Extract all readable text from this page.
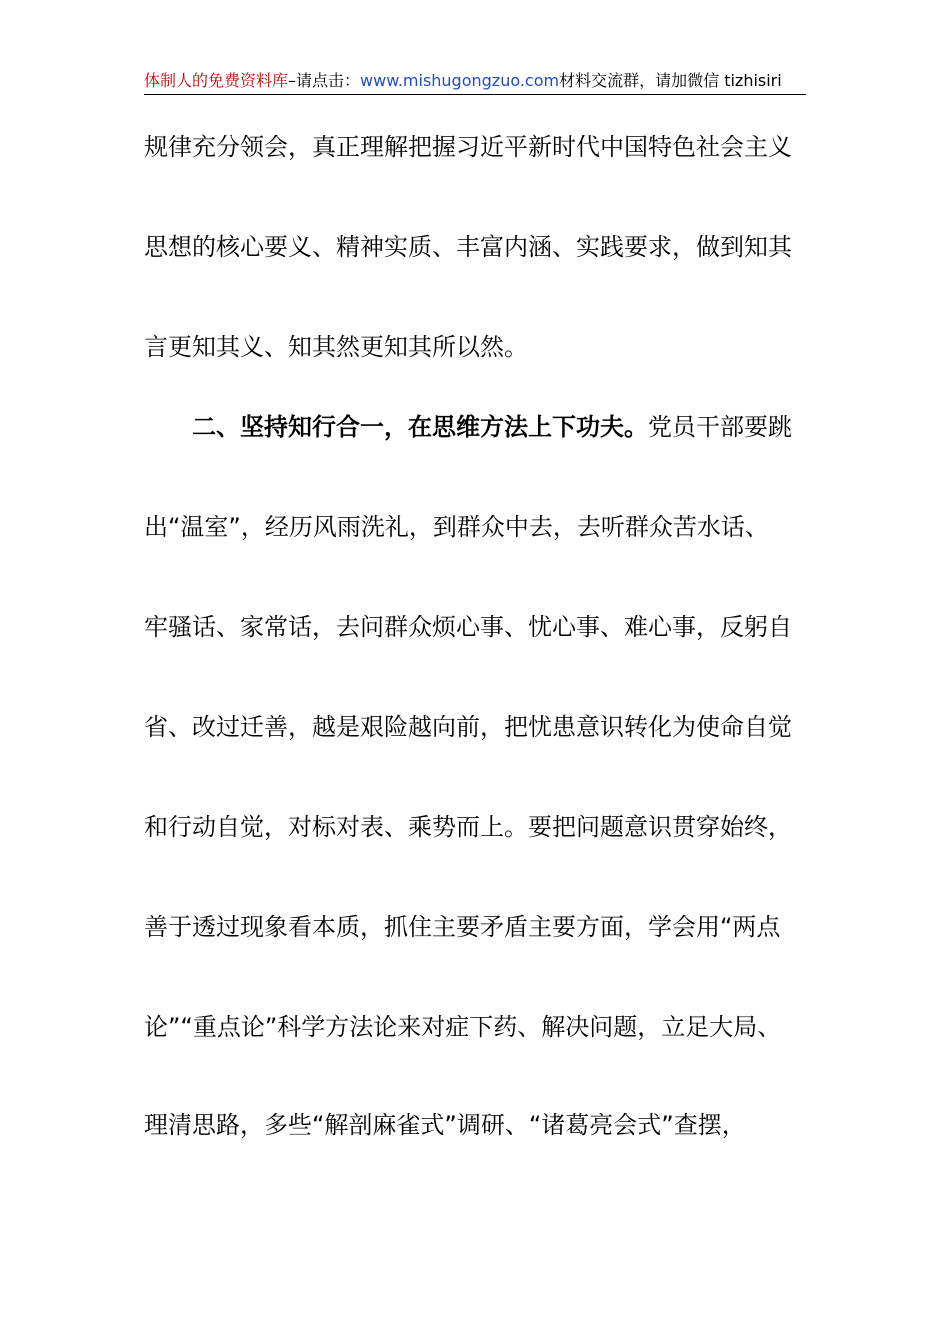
体制人的免费资料库–请点击：www.mishugongzuo.com材料交流群，请加微信 tizhisiri
规律充分领会，真正理解把握习近平新时代中国特色社会主义
思想的核心要义、精神实质、丰富内涵、实践要求，做到知其
言更知其义、知其然更知其所以然。
二、坚持知行合一，在思维方法上下功夫。党员干部要跳
出“温室”，经历风雨洗礼，到群众中去，去听群众苦水话、
牢骚话、家常话，去问群众烦心事、忧心事、难心事，反躬自
省、改过迁善，越是艰险越向前，把忧患意识转化为使命自觉
和行动自觉，对标对表、乘势而上。要把问题意识贯穿始终，
善于透过现象看本质，抓住主要矛盾主要方面，学会用“两点
论”“重点论”科学方法论来对症下药、解决问题，立足大局、
理清思路，多些“解剖麻雀式”调研、“诸葛亮会式”查摆，
